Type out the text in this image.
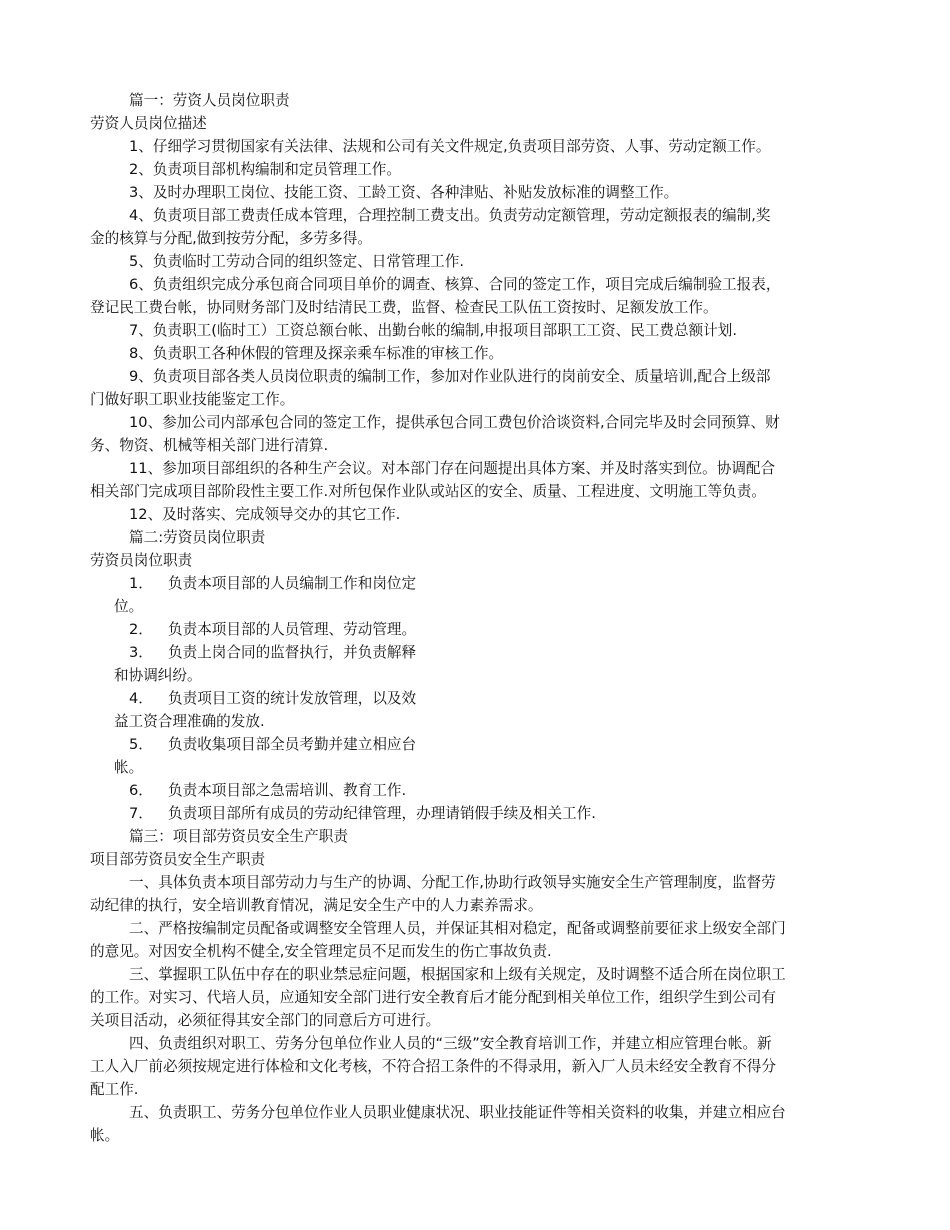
篇一：劳资人员岗位职责
劳资人员岗位描述
1、仔细学习贯彻国家有关法律、法规和公司有关文件规定,负责项目部劳资、人事、劳动定额工作。
2、负责项目部机构编制和定员管理工作。
3、及时办理职工岗位、技能工资、工龄工资、各种津贴、补贴发放标准的调整工作。
4、负责项目部工费责任成本管理，合理控制工费支出。负责劳动定额管理，劳动定额报表的编制,奖
金的核算与分配,做到按劳分配，多劳多得。
5、负责临时工劳动合同的组织签定、日常管理工作.
6、负责组织完成分承包商合同项目单价的调查、核算、合同的签定工作，项目完成后编制验工报表，
登记民工费台帐，协同财务部门及时结清民工费，监督、检查民工队伍工资按时、足额发放工作。
7、负责职工(临时工）工资总额台帐、出勤台帐的编制,申报项目部职工工资、民工费总额计划.
8、负责职工各种休假的管理及探亲乘车标准的审核工作。
9、负责项目部各类人员岗位职责的编制工作，参加对作业队进行的岗前安全、质量培训,配合上级部
门做好职工职业技能鉴定工作。
10、参加公司内部承包合同的签定工作，提供承包合同工费包价洽谈资料,合同完毕及时会同预算、财
务、物资、机械等相关部门进行清算.
11、参加项目部组织的各种生产会议。对本部门存在问题提出具体方案、并及时落实到位。协调配合
相关部门完成项目部阶段性主要工作.对所包保作业队或站区的安全、质量、工程进度、文明施工等负责。
12、及时落实、完成领导交办的其它工作.
篇二:劳资员岗位职责
劳资员岗位职责
1． 负责本项目部的人员编制工作和岗位定
位。
2． 负责本项目部的人员管理、劳动管理。
3． 负责上岗合同的监督执行，并负责解释
和协调纠纷。
4． 负责项目工资的统计发放管理，以及效
益工资合理准确的发放.
5． 负责收集项目部全员考勤并建立相应台
帐。
6． 负责本项目部之急需培训、教育工作.
7． 负责项目部所有成员的劳动纪律管理，办理请销假手续及相关工作.
篇三：项目部劳资员安全生产职责
项目部劳资员安全生产职责
一、具体负责本项目部劳动力与生产的协调、分配工作,协助行政领导实施安全生产管理制度，监督劳
动纪律的执行，安全培训教育情况，满足安全生产中的人力素养需求。
二、严格按编制定员配备或调整安全管理人员，并保证其相对稳定，配备或调整前要征求上级安全部门
的意见。对因安全机构不健全,安全管理定员不足而发生的伤亡事故负责.
三、掌握职工队伍中存在的职业禁忌症问题，根据国家和上级有关规定，及时调整不适合所在岗位职工
的工作。对实习、代培人员，应通知安全部门进行安全教育后才能分配到相关单位工作，组织学生到公司有
关项目活动，必须征得其安全部门的同意后方可进行。
四、负责组织对职工、劳务分包单位作业人员的“三级”安全教育培训工作，并建立相应管理台帐。新
工人入厂前必须按规定进行体检和文化考核，不符合招工条件的不得录用，新入厂人员未经安全教育不得分
配工作.
五、负责职工、劳务分包单位作业人员职业健康状况、职业技能证件等相关资料的收集，并建立相应台
帐。
